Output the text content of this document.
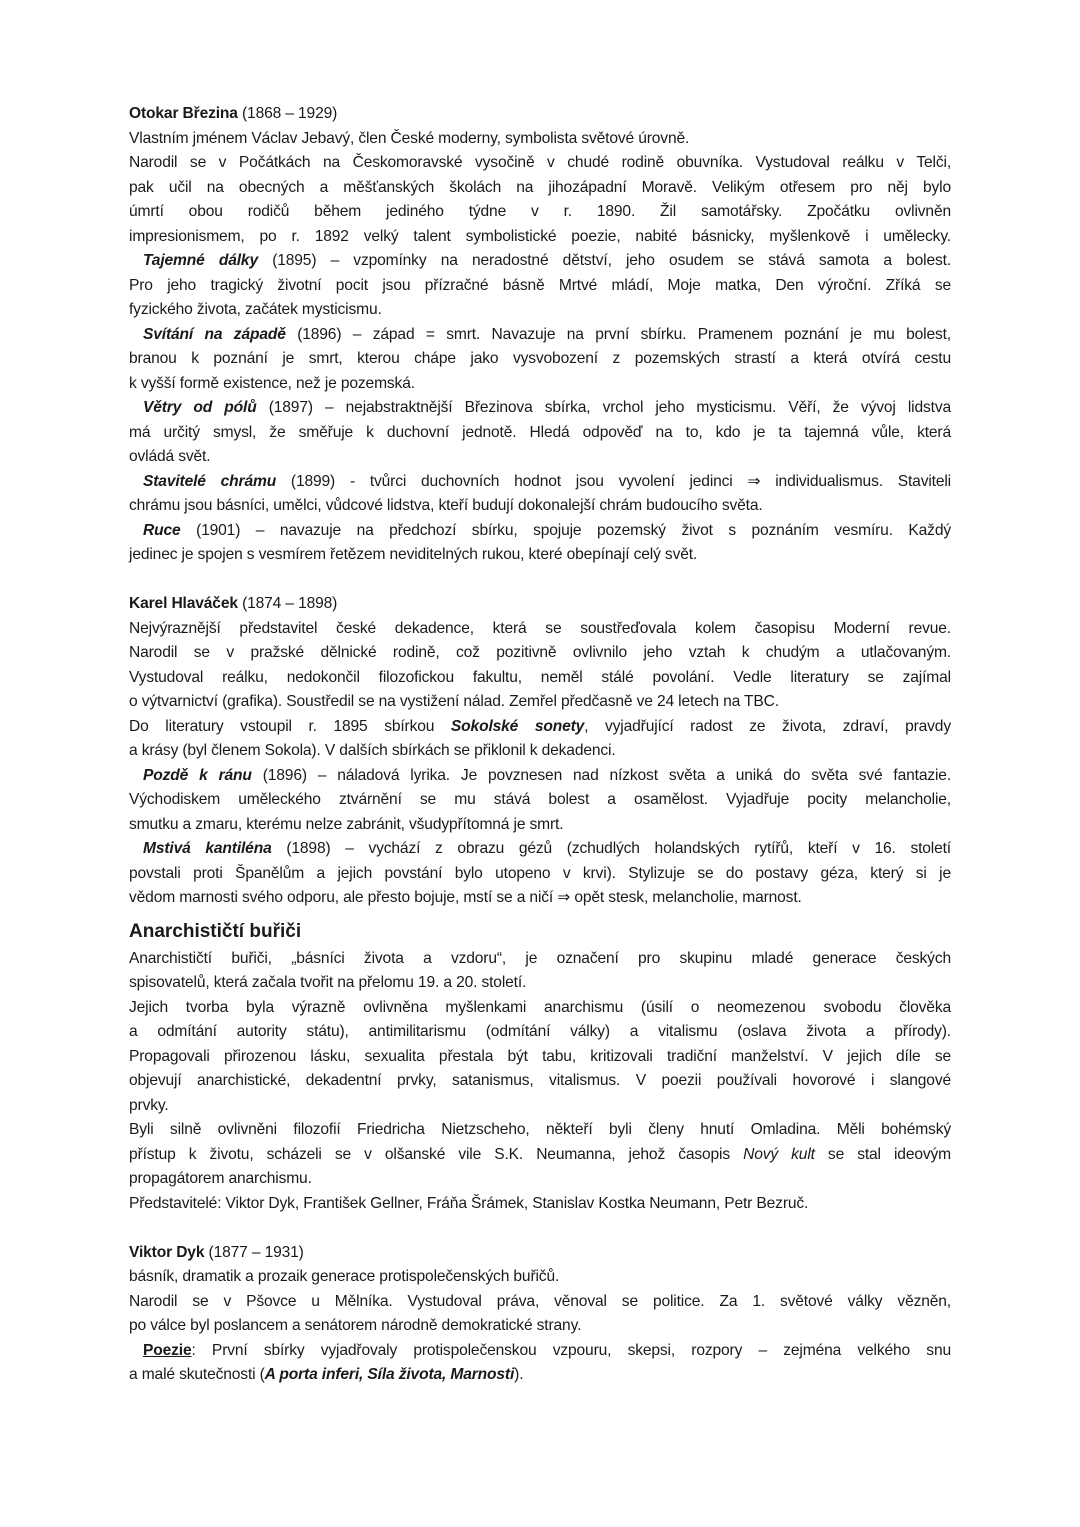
Otokar Březina (1868 – 1929)
Vlastním jménem Václav Jebavý, člen České moderny, symbolista světové úrovně.
Narodil se v Počátkách na Českomoravské vysočině v chudé rodině obuvníka. Vystudoval reálku v Telči,
pak učil na obecných a měšťanských školách na jihozápadní Moravě. Velikým otřesem pro něj bylo
úmrtí obou rodičů během jediného týdne v r. 1890. Žil samotářsky. Zpočátku ovlivněn
impresionismem, po r. 1892 velký talent symbolistické poezie, nabité básnicky, myšlenkově i umělecky.
Tajemné dálky (1895) – vzpomínky na neradostné dětství, jeho osudem se stává samota a bolest.
Pro jeho tragický životní pocit jsou přízračné básně Mrtvé mládí, Moje matka, Den výroční. Zříká se
fyzického života, začátek mysticismu.
Svítání na západě (1896) – západ = smrt. Navazuje na první sbírku. Pramenem poznání je mu bolest,
branou k poznání je smrt, kterou chápe jako vysvobození z pozemských strastí a která otvírá cestu
k vyšší formě existence, než je pozemská.
Větry od pólů (1897) – nejabstraktnější Březinova sbírka, vrchol jeho mysticismu. Věří, že vývoj lidstva
má určitý smysl, že směřuje k duchovní jednotě. Hledá odpověď na to, kdo je ta tajemná vůle, která
ovládá svět.
Stavitelé chrámu (1899) - tvůrci duchovních hodnot jsou vyvolení jedinci ⇒ individualismus. Staviteli
chrámu jsou básníci, umělci, vůdcové lidstva, kteří budují dokonalejší chrám budoucího světa.
Ruce (1901) – navazuje na předchozí sbírku, spojuje pozemský život s poznáním vesmíru. Každý
jedinec je spojen s vesmírem řetězem neviditelných rukou, které obepínají celý svět.
Karel Hlaváček (1874 – 1898)
Nejvýraznější představitel české dekadence, která se soustřeďovala kolem časopisu Moderní revue.
Narodil se v pražské dělnické rodině, což pozitivně ovlivnilo jeho vztah k chudým a utlačovaným.
Vystudoval reálku, nedokončil filozofickou fakultu, neměl stálé povolání. Vedle literatury se zajímal
o výtvarnictví (grafika). Soustředil se na vystižení nálad. Zemřel předčasně ve 24 letech na TBC.
Do literatury vstoupil r. 1895 sbírkou Sokolské sonety, vyjadřující radost ze života, zdraví, pravdy
a krásy (byl členem Sokola). V dalších sbírkách se přiklonil k dekadenci.
Pozdě k ránu (1896) – náladová lyrika. Je povznesen nad nízkost světa a uniká do světa své fantazie.
Východiskem uměleckého ztvárnění se mu stává bolest a osamělost. Vyjadřuje pocity melancholie,
smutku a zmaru, kterému nelze zabránit, všudypřítomná je smrt.
Mstivá kantiléna (1898) – vychází z obrazu gézů (zchudlých holandských rytířů, kteří v 16. století
povstali proti Španělům a jejich povstání bylo utopeno v krvi). Stylizuje se do postavy géza, který si je
vědom marnosti svého odporu, ale přesto bojuje, mstí se a ničí ⇒ opět stesk, melancholie, marnost.
Anarchističtí buřiči
Anarchističtí buřiči, „básníci života a vzdoru“, je označení pro skupinu mladé generace českých
spisovatelů, která začala tvořit na přelomu 19. a 20. století.
Jejich tvorba byla výrazně ovlivněna myšlenkami anarchismu (úsilí o neomezenou svobodu člověka
a odmítání autority státu), antimilitarismu (odmítání války) a vitalismu (oslava života a přírody).
Propagovali přirozenou lásku, sexualita přestala být tabu, kritizovali tradiční manželství. V jejich díle se
objevují anarchistické, dekadentní prvky, satanismus, vitalismus. V poezii používali hovorové i slangové
prvky.
Byli silně ovlivněni filozofií Friedricha Nietzscheho, někteří byli členy hnutí Omladina. Měli bohémský
přístup k životu, scházeli se v olšanské vile S.K. Neumanna, jehož časopis Nový kult se stal ideovým
propagátorem anarchismu.
Představitelé: Viktor Dyk, František Gellner, Fráňa Šrámek, Stanislav Kostka Neumann, Petr Bezruč.
Viktor Dyk (1877 – 1931)
básník, dramatik a prozaik generace protispolečenských buřičů.
Narodil se v Pšovce u Mělníka. Vystudoval práva, věnoval se politice. Za 1. světové války vězněn,
po válce byl poslancem a senátorem národně demokratické strany.
Poezie: První sbírky vyjadřovaly protispolečenskou vzpouru, skepsi, rozpory – zejména velkého snu
a malé skutečnosti (A porta inferi, Síla života, Marnosti).
